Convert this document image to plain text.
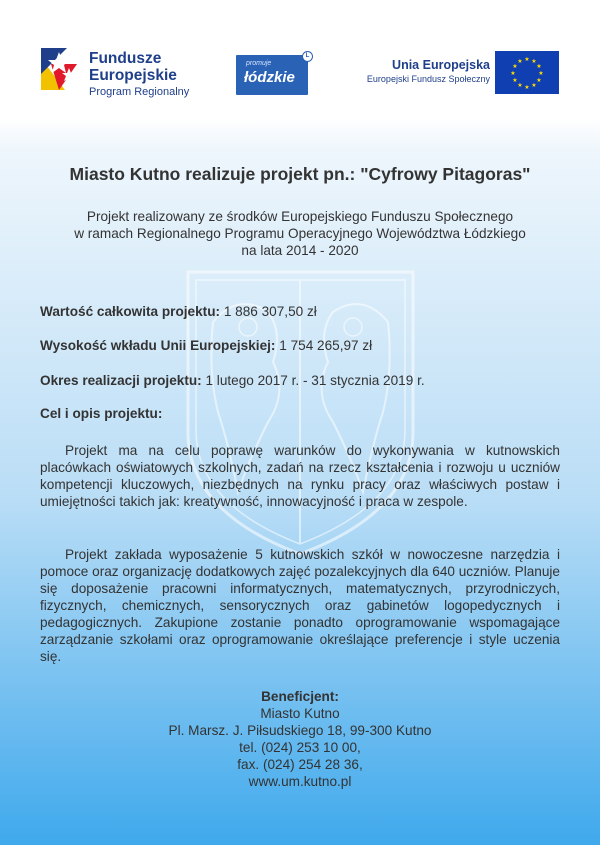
Fundusze
Europejskie
Program Regionalny
promuje
łódzkie
L
Unia Europejska
Europejski Fundusz Społeczny
★ ★
★
★
★
★
★
★
★
★
★
★
Miasto Kutno realizuje projekt pn.: "Cyfrowy Pitagoras"
Projekt realizowany ze środków Europejskiego Funduszu Społecznego
w ramach Regionalnego Programu Operacyjnego Województwa Łódzkiego
na lata 2014 - 2020
Wartość całkowita projektu: 1 886 307,50 zł
Wysokość wkładu Unii Europejskiej: 1 754 265,97 zł
Okres realizacji projektu: 1 lutego 2017 r. - 31 stycznia 2019 r.
Cel i opis projektu:
Projekt ma na celu poprawę warunków do wykonywania w kutnowskich placówkach oświatowych szkolnych, zadań na rzecz kształcenia i rozwoju u uczniów kompetencji kluczowych, niezbędnych na rynku pracy oraz właściwych postaw i umiejętności takich jak: kreatywność, innowacyjność i praca w zespole.
Projekt zakłada wyposażenie 5 kutnowskich szkół w nowoczesne narzędzia i pomoce oraz organizację dodatkowych zajęć pozalekcyjnych dla 640 uczniów. Planuje się doposażenie pracowni informatycznych, matematycznych, przyrodniczych, fizycznych, chemicznych, sensorycznych oraz gabinetów logopedycznych i pedagogicznych. Zakupione zostanie ponadto oprogramowanie wspomagające zarządzanie szkołami oraz oprogramowanie określające preferencje i style uczenia się.
Beneficjent:
Miasto Kutno
Pl. Marsz. J. Piłsudskiego 18, 99-300 Kutno
tel. (024) 253 10 00,
fax. (024) 254 28 36,
www.um.kutno.pl
